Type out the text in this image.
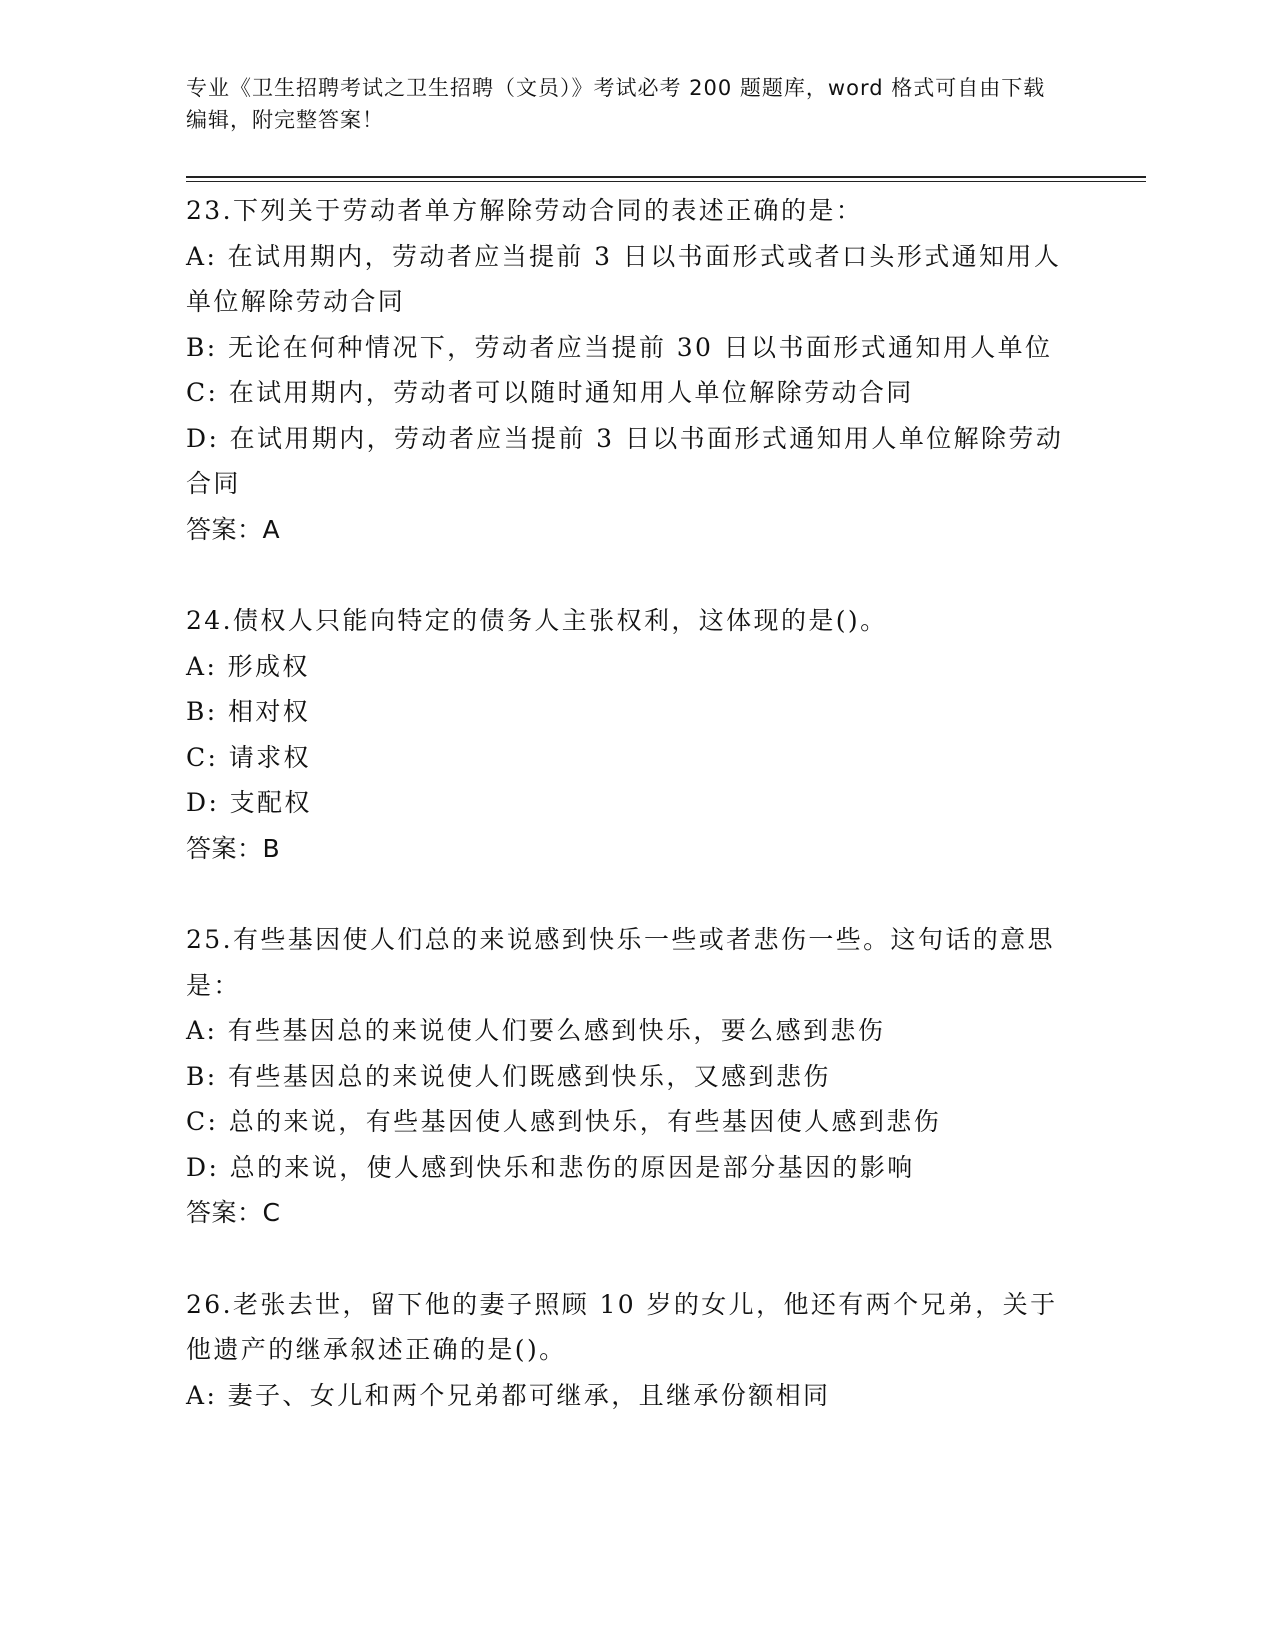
专业《卫生招聘考试之卫生招聘（文员）》考试必考 200 题题库，word 格式可自由下载编辑，附完整答案！
23.下列关于劳动者单方解除劳动合同的表述正确的是：
A: 在试用期内，劳动者应当提前 3 日以书面形式或者口头形式通知用人单位解除劳动合同
B: 无论在何种情况下，劳动者应当提前 30 日以书面形式通知用人单位
C: 在试用期内，劳动者可以随时通知用人单位解除劳动合同
D: 在试用期内，劳动者应当提前 3 日以书面形式通知用人单位解除劳动合同
答案：A
24.债权人只能向特定的债务人主张权利，这体现的是()。
A: 形成权
B: 相对权
C: 请求权
D: 支配权
答案：B
25.有些基因使人们总的来说感到快乐一些或者悲伤一些。这句话的意思是：
A: 有些基因总的来说使人们要么感到快乐，要么感到悲伤
B: 有些基因总的来说使人们既感到快乐，又感到悲伤
C: 总的来说，有些基因使人感到快乐，有些基因使人感到悲伤
D: 总的来说，使人感到快乐和悲伤的原因是部分基因的影响
答案：C
26.老张去世，留下他的妻子照顾 10 岁的女儿，他还有两个兄弟，关于他遗产的继承叙述正确的是()。
A: 妻子、女儿和两个兄弟都可继承，且继承份额相同
